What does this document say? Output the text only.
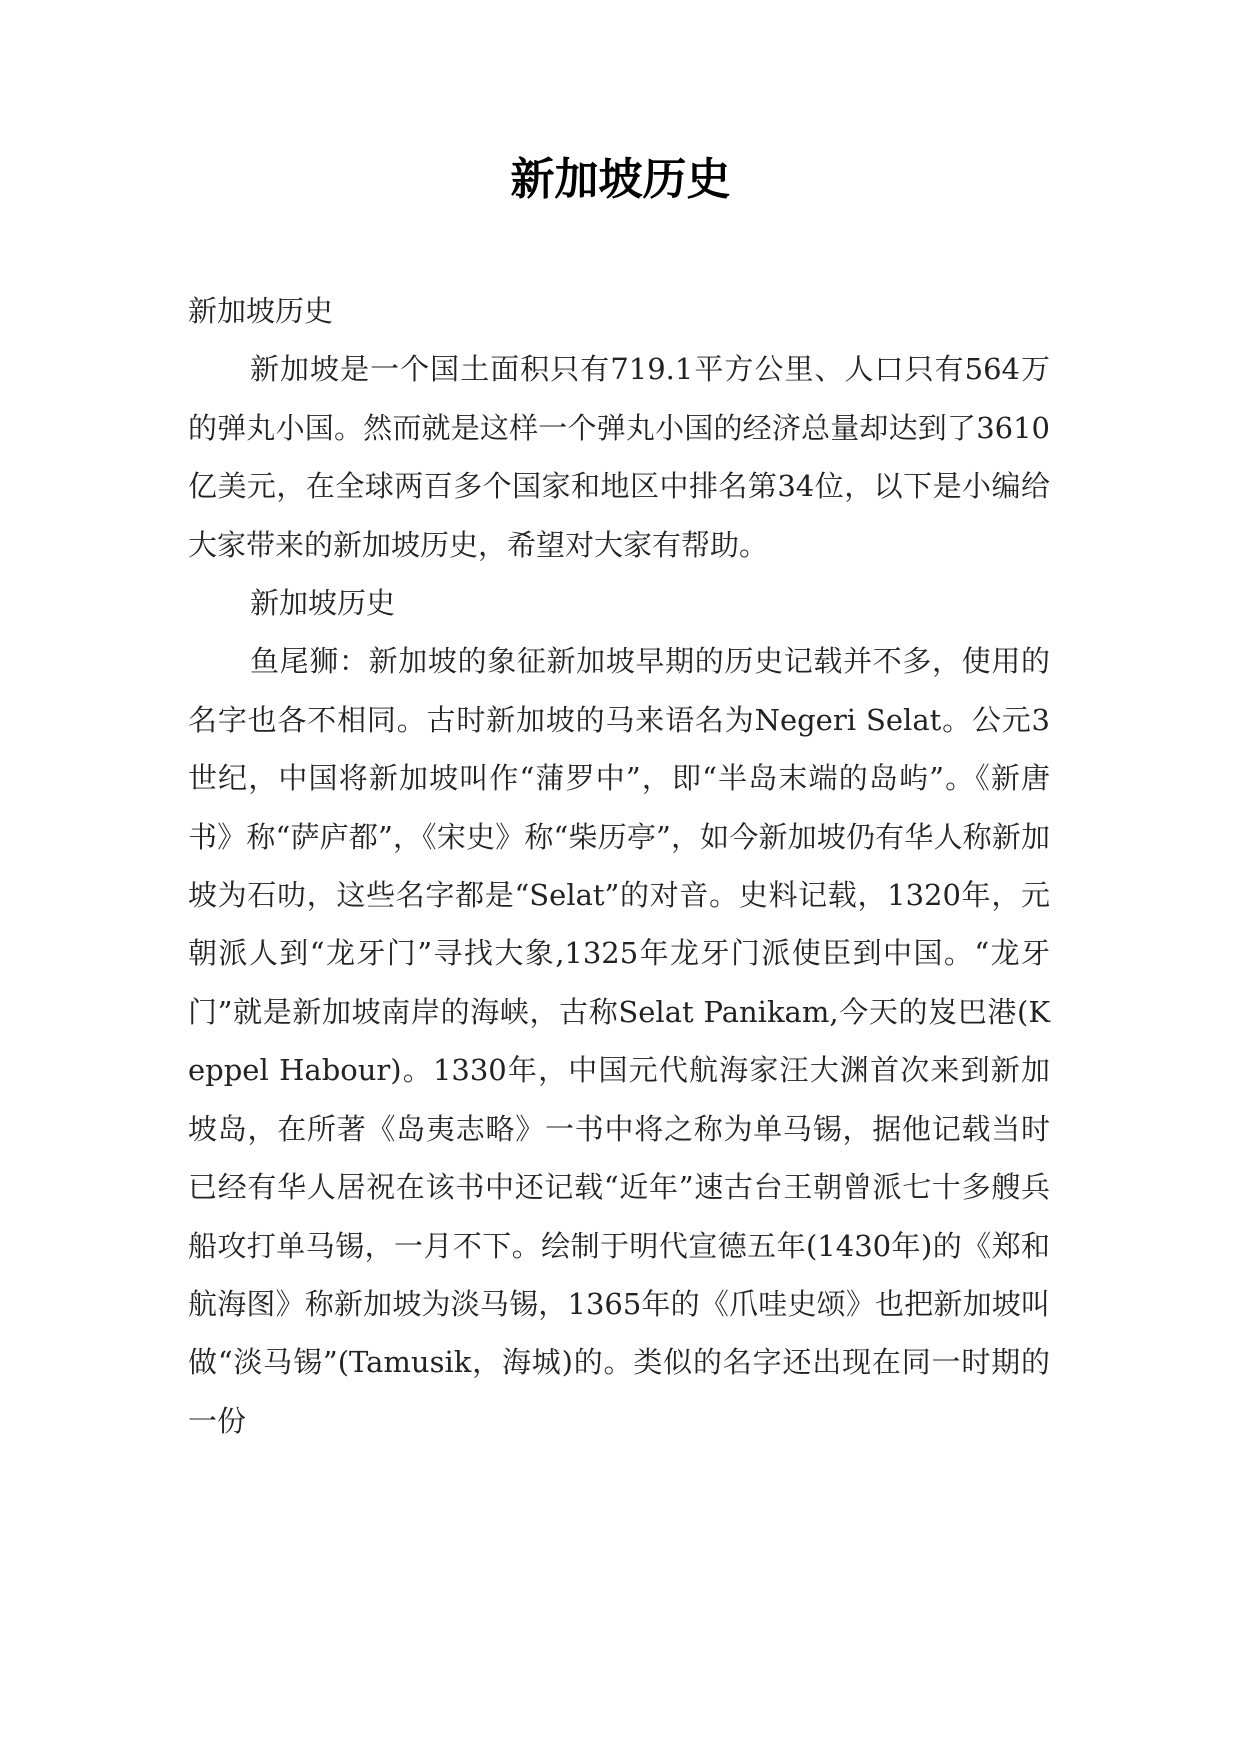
新加坡历史

新加坡历史

新加坡是一个国土面积只有719.1平方公里、人口只有564万的弹丸小国。然而就是这样一个弹丸小国的经济总量却达到了3610亿美元，在全球两百多个国家和地区中排名第34位，以下是小编给大家带来的新加坡历史，希望对大家有帮助。

新加坡历史

鱼尾狮：新加坡的象征新加坡早期的历史记载并不多，使用的名字也各不相同。古时新加坡的马来语名为Negeri Selat。公元3世纪，中国将新加坡叫作“蒲罗中”，即“半岛末端的岛屿”。《新唐书》称“萨庐都”，《宋史》称“柴历亭”，如今新加坡仍有华人称新加坡为石叻，这些名字都是“Selat”的对音。史料记载，1320年，元朝派人到“龙牙门”寻找大象,1325年龙牙门派使臣到中国。“龙牙门”就是新加坡南岸的海峡，古称Selat Panikam,今天的岌巴港(Keppel Habour)。1330年，中国元代航海家汪大渊首次来到新加坡岛，在所著《岛夷志略》一书中将之称为单马锡，据他记载当时已经有华人居祝在该书中还记载“近年”速古台王朝曾派七十多艘兵船攻打单马锡，一月不下。绘制于明代宣德五年(1430年)的《郑和航海图》称新加坡为淡马锡，1365年的《爪哇史颂》也把新加坡叫做“淡马锡”(Tamusik，海城)的。类似的名字还出现在同一时期的一份
